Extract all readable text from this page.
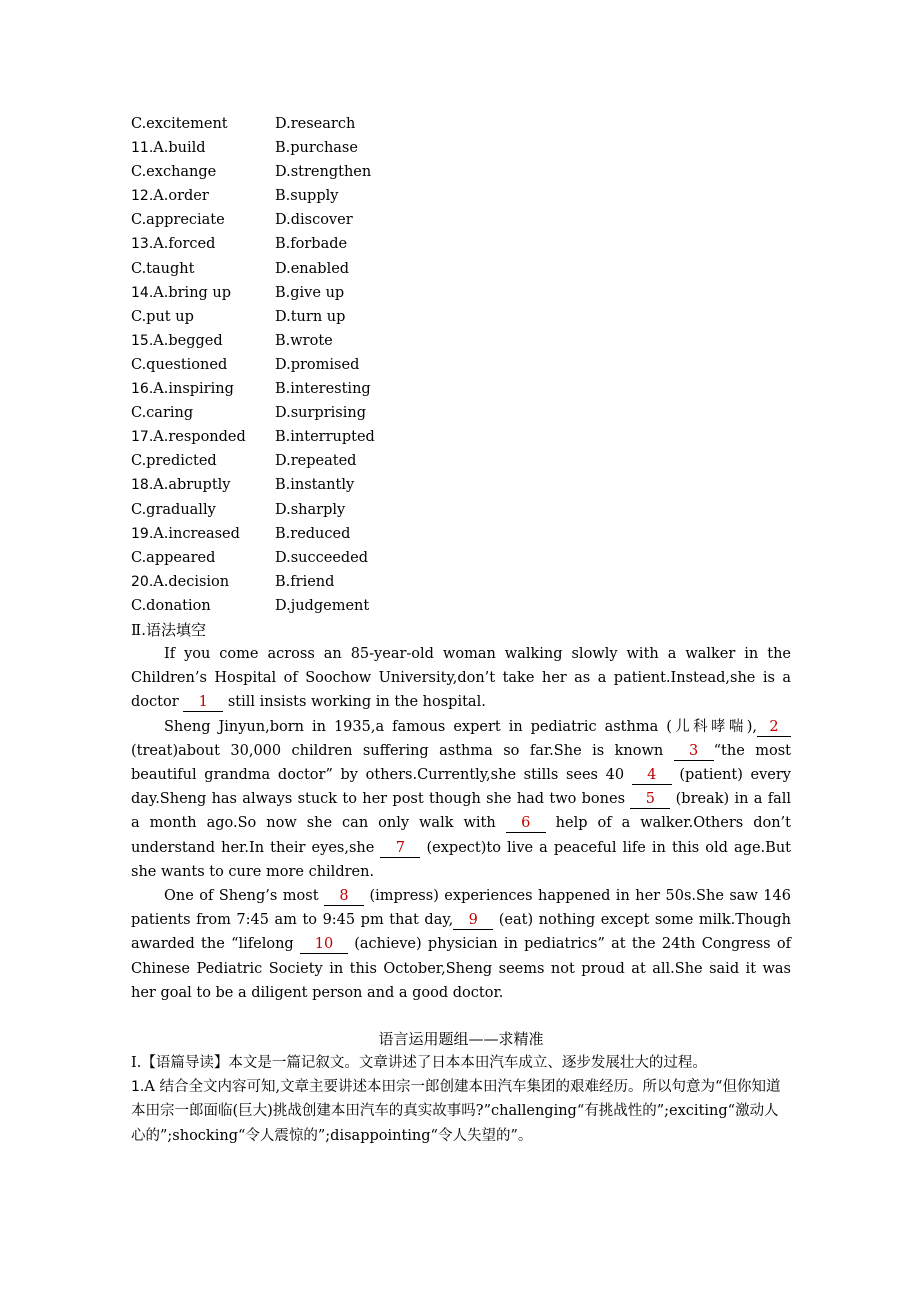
C.excitement	D.research
11.A.build	B.purchase
C.exchange	D.strengthen
12.A.order	B.supply
C.appreciate	D.discover
13.A.forced	B.forbade
C.taught	D.enabled
14.A.bring up	B.give up
C.put up	D.turn up
15.A.begged	B.wrote
C.questioned	D.promised
16.A.inspiring	B.interesting
C.caring	D.surprising
17.A.responded	B.interrupted
C.predicted	D.repeated
18.A.abruptly	B.instantly
C.gradually	D.sharply
19.A.increased	B.reduced
C.appeared	D.succeeded
20.A.decision	B.friend
C.donation	D.judgement
Ⅱ.语法填空

If you come across an 85-year-old woman walking slowly with a walker in the Children’s Hospital of Soochow University,don’t take her as a patient.Instead,she is a doctor 1 still insists working in the hospital.

Sheng Jinyun,born in 1935,a famous expert in pediatric asthma (儿科哮喘), 2(treat)about 30,000 children suffering asthma so far.She is known 3 “the most beautiful grandma doctor” by others.Currently,she stills sees 40 4 (patient) every day.Sheng has always stuck to her post though she had two bones 5 (break) in a fall a month ago.So now she can only walk with 6 help of a walker.Others don’t understand her.In their eyes,she 7 (expect)to live a peaceful life in this old age.But she wants to cure more children.

One of Sheng’s most 8 (impress) experiences happened in her 50s.She saw 146 patients from 7:45 am to 9:45 pm that day, 9 (eat) nothing except some milk.Though awarded the “lifelong 10 (achieve) physician in pediatrics” at the 24th Congress of Chinese Pediatric Society in this October,Sheng seems not proud at all.She said it was her goal to be a diligent person and a good doctor.

语言运用题组——求精准

Ⅰ.【语篇导读】本文是一篇记叙文。文章讲述了日本本田汽车成立、逐步发展壮大的过程。

1.A 结合全文内容可知,文章主要讲述本田宗一郎创建本田汽车集团的艰难经历。所以句意为“但你知道本田宗一郎面临(巨大)挑战创建本田汽车的真实故事吗?”challenging“有挑战性的”;exciting“激动人心的”;shocking“令人震惊的”;disappointing“令人失望的”。
